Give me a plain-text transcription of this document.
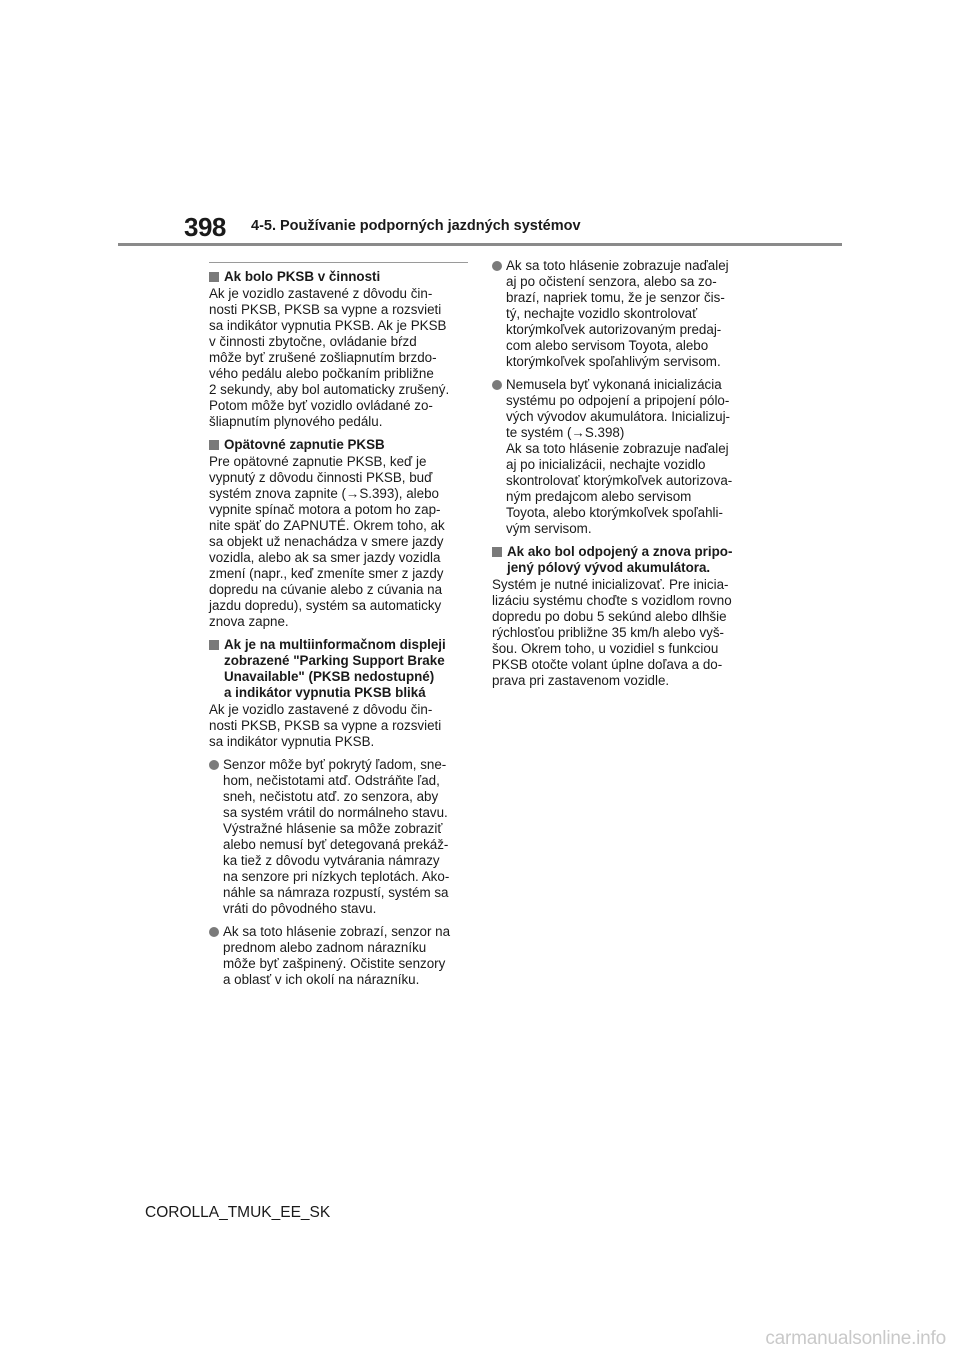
398 4-5. Používanie podporných jazdných systémov

Ak bolo PKSB v činnosti

Ak je vozidlo zastavené z dôvodu čin-
nosti PKSB, PKSB sa vypne a rozsvieti
sa indikátor vypnutia PKSB. Ak je PKSB
v činnosti zbytočne, ovládanie bŕzd
môže byť zrušené zošliapnutím brzdo-
vého pedálu alebo počkaním približne
2 sekundy, aby bol automaticky zrušený.
Potom môže byť vozidlo ovládané zo-
šliapnutím plynového pedálu.

Opätovné zapnutie PKSB

Pre opätovné zapnutie PKSB, keď je
vypnutý z dôvodu činnosti PKSB, buď
systém znova zapnite (→S.393), alebo
vypnite spínač motora a potom ho zap-
nite späť do ZAPNUTÉ. Okrem toho, ak
sa objekt už nenachádza v smere jazdy
vozidla, alebo ak sa smer jazdy vozidla
zmení (napr., keď zmeníte smer z jazdy
dopredu na cúvanie alebo z cúvania na
jazdu dopredu), systém sa automaticky
znova zapne.

Ak je na multiinformačnom displeji
zobrazené "Parking Support Brake
Unavailable" (PKSB nedostupné)
a indikátor vypnutia PKSB bliká

Ak je vozidlo zastavené z dôvodu čin-
nosti PKSB, PKSB sa vypne a rozsvieti
sa indikátor vypnutia PKSB.

Senzor môže byť pokrytý ľadom, sne-
hom, nečistotami atď. Odstráňte ľad,
sneh, nečistotu atď. zo senzora, aby
sa systém vrátil do normálneho stavu.
Výstražné hlásenie sa môže zobraziť
alebo nemusí byť detegovaná prekáž-
ka tiež z dôvodu vytvárania námrazy
na senzore pri nízkych teplotách. Ako-
náhle sa námraza rozpustí, systém sa
vráti do pôvodného stavu.

Ak sa toto hlásenie zobrazí, senzor na
prednom alebo zadnom nárazníku
môže byť zašpinený. Očistite senzory
a oblasť v ich okolí na nárazníku.

Ak sa toto hlásenie zobrazuje naďalej
aj po očistení senzora, alebo sa zo-
brazí, napriek tomu, že je senzor čis-
tý, nechajte vozidlo skontrolovať
ktorýmkoľvek autorizovaným predaj-
com alebo servisom Toyota, alebo
ktorýmkoľvek spoľahlivým servisom.

Nemusela byť vykonaná inicializácia
systému po odpojení a pripojení pólo-
vých vývodov akumulátora. Inicializuj-
te systém (→S.398)
Ak sa toto hlásenie zobrazuje naďalej
aj po inicializácii, nechajte vozidlo
skontrolovať ktorýmkoľvek autorizova-
ným predajcom alebo servisom
Toyota, alebo ktorýmkoľvek spoľahli-
vým servisom.

Ak ako bol odpojený a znova pripo-
jený pólový vývod akumulátora.

Systém je nutné inicializovať. Pre inicia-
lizáciu systému choďte s vozidlom rovno
dopredu po dobu 5 sekúnd alebo dlhšie
rýchlosťou približne 35 km/h alebo vyš-
šou. Okrem toho, u vozidiel s funkciou
PKSB otočte volant úplne doľava a do-
prava pri zastavenom vozidle.

COROLLA_TMUK_EE_SK
carmanualsonline.info
